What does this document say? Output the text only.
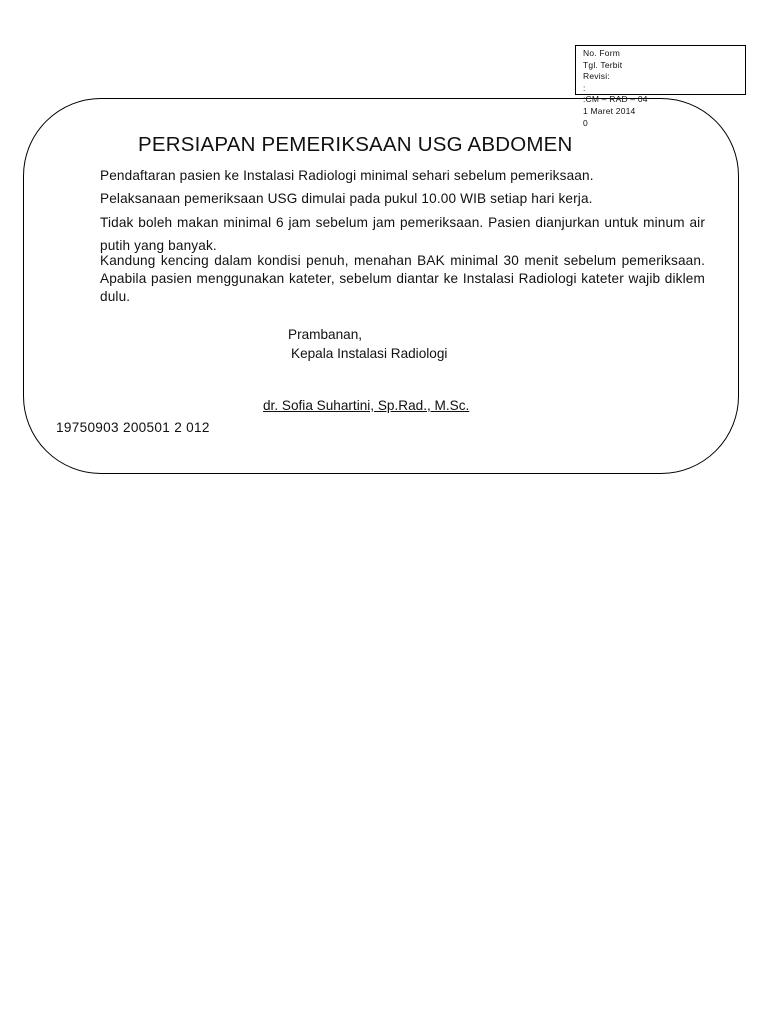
No. Form
Tgl. Terbit
Revisi:
:
:CM – RAD – 04
1 Maret 2014
0
PERSIAPAN PEMERIKSAAN USG ABDOMEN

Pendaftaran pasien ke Instalasi Radiologi minimal sehari sebelum pemeriksaan.

Pelaksanaan pemeriksaan USG dimulai pada pukul 10.00 WIB setiap hari kerja.

Tidak boleh makan minimal 6 jam sebelum jam pemeriksaan. Pasien dianjurkan untuk minum air putih yang banyak.

Kandung kencing dalam kondisi penuh, menahan BAK minimal 30 menit sebelum pemeriksaan. Apabila pasien menggunakan kateter, sebelum diantar ke Instalasi Radiologi kateter wajib diklem dulu.

Prambanan,
Kepala Instalasi Radiologi
dr. Sofia Suhartini, Sp.Rad., M.Sc.
19750903 200501 2 012
